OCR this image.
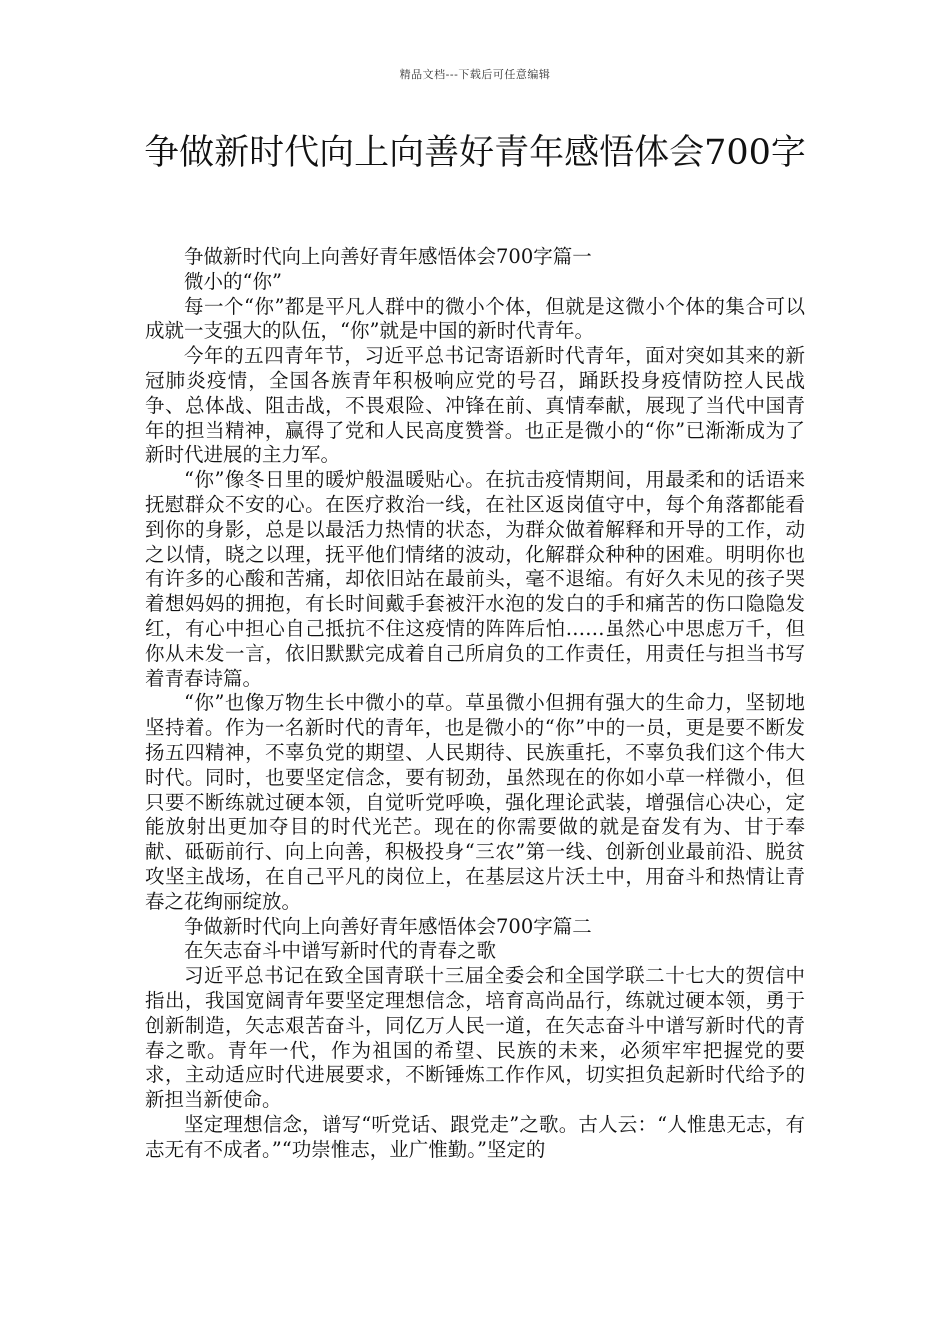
精品文档---下载后可任意编辑
争做新时代向上向善好青年感悟体会700字

争做新时代向上向善好青年感悟体会700字篇一

微小的“你”

每一个“你”都是平凡人群中的微小个体，但就是这微小个体的集合可以成就一支强大的队伍，“你”就是中国的新时代青年。

今年的五四青年节，习近平总书记寄语新时代青年，面对突如其来的新冠肺炎疫情，全国各族青年积极响应党的号召，踊跃投身疫情防控人民战争、总体战、阻击战，不畏艰险、冲锋在前、真情奉献，展现了当代中国青年的担当精神，赢得了党和人民高度赞誉。也正是微小的“你”已渐渐成为了新时代进展的主力军。

“你”像冬日里的暖炉般温暖贴心。在抗击疫情期间，用最柔和的话语来抚慰群众不安的心。在医疗救治一线，在社区返岗值守中，每个角落都能看到你的身影，总是以最活力热情的状态，为群众做着解释和开导的工作，动之以情，晓之以理，抚平他们情绪的波动，化解群众种种的困难。明明你也有许多的心酸和苦痛，却依旧站在最前头，毫不退缩。有好久未见的孩子哭着想妈妈的拥抱，有长时间戴手套被汗水泡的发白的手和痛苦的伤口隐隐发红，有心中担心自己抵抗不住这疫情的阵阵后怕……虽然心中思虑万千，但你从未发一言，依旧默默完成着自己所肩负的工作责任，用责任与担当书写着青春诗篇。

“你”也像万物生长中微小的草。草虽微小但拥有强大的生命力，坚韧地坚持着。作为一名新时代的青年，也是微小的“你”中的一员，更是要不断发扬五四精神，不辜负党的期望、人民期待、民族重托，不辜负我们这个伟大时代。同时，也要坚定信念，要有韧劲，虽然现在的你如小草一样微小，但只要不断练就过硬本领，自觉听党呼唤，强化理论武装，增强信心决心，定能放射出更加夺目的时代光芒。现在的你需要做的就是奋发有为、甘于奉献、砥砺前行、向上向善，积极投身“三农”第一线、创新创业最前沿、脱贫攻坚主战场，在自己平凡的岗位上，在基层这片沃土中，用奋斗和热情让青春之花绚丽绽放。

争做新时代向上向善好青年感悟体会700字篇二

在矢志奋斗中谱写新时代的青春之歌

习近平总书记在致全国青联十三届全委会和全国学联二十七大的贺信中指出，我国宽阔青年要坚定理想信念，培育高尚品行，练就过硬本领，勇于创新制造，矢志艰苦奋斗，同亿万人民一道，在矢志奋斗中谱写新时代的青春之歌。青年一代，作为祖国的希望、民族的未来，必须牢牢把握党的要求，主动适应时代进展要求，不断锤炼工作作风，切实担负起新时代给予的新担当新使命。

坚定理想信念，谱写“听党话、跟党走”之歌。古人云：“人惟患无志，有志无有不成者。”“功崇惟志，业广惟勤。”坚定的
